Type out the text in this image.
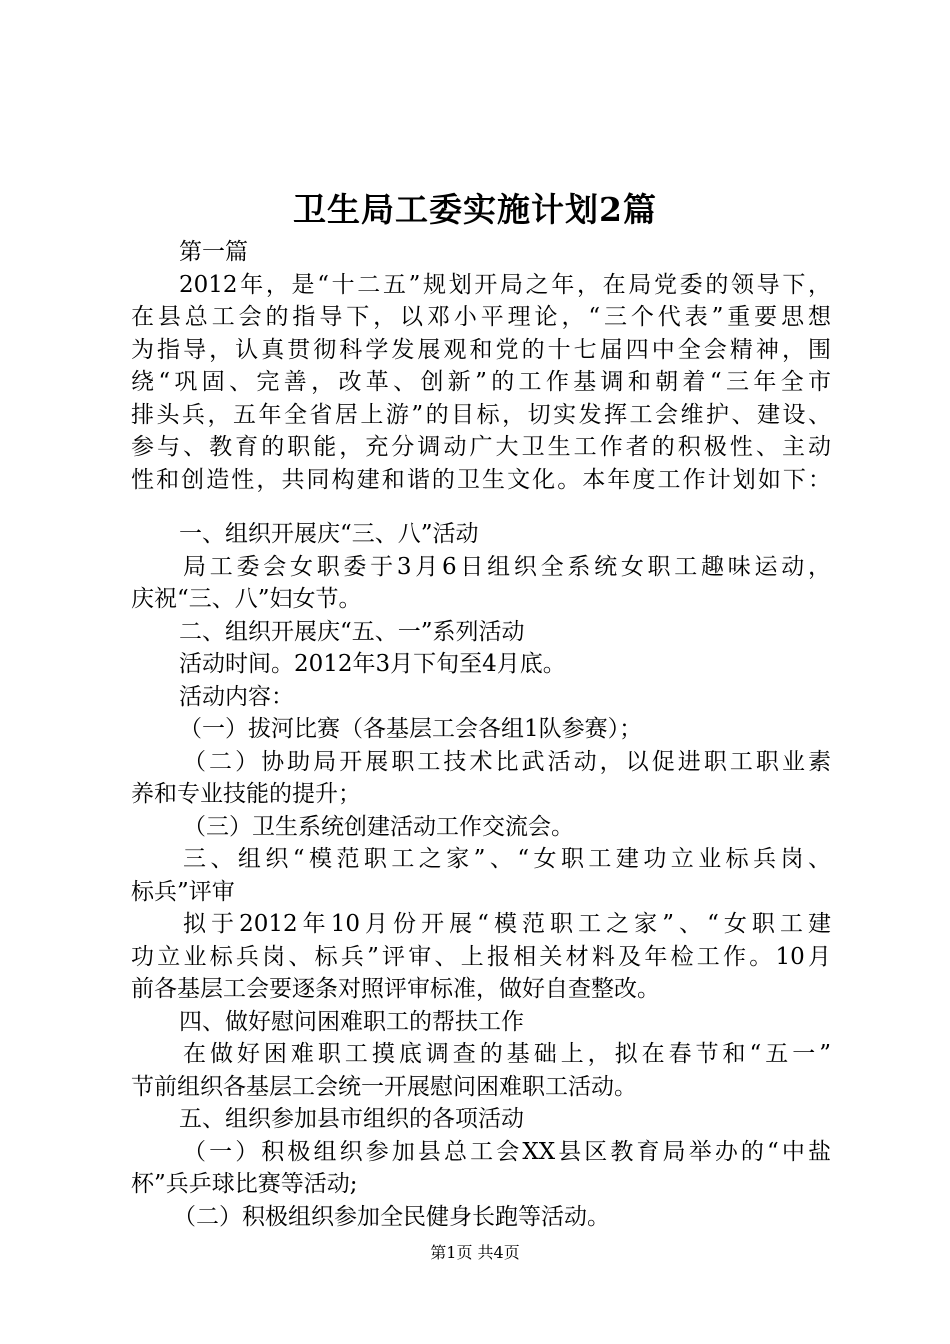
卫生局工委实施计划2篇
第一篇
2012年，是“十二五”规划开局之年，在局党委的领导下，
在县总工会的指导下，以邓小平理论，“三个代表”重要思想
为指导，认真贯彻科学发展观和党的十七届四中全会精神，围
绕“巩固、完善，改革、创新”的工作基调和朝着“三年全市
排头兵，五年全省居上游”的目标，切实发挥工会维护、建设、
参与、教育的职能，充分调动广大卫生工作者的积极性、主动
性和创造性，共同构建和谐的卫生文化。本年度工作计划如下：
一、组织开展庆“三、八”活动
局工委会女职委于3月6日组织全系统女职工趣味运动，
庆祝“三、八”妇女节。
二、组织开展庆“五、一”系列活动
活动时间。2012年3月下旬至4月底。
活动内容：
（一）拔河比赛（各基层工会各组1队参赛）；
（二）协助局开展职工技术比武活动，以促进职工职业素
养和专业技能的提升；
（三）卫生系统创建活动工作交流会。
三、组织“模范职工之家”、“女职工建功立业标兵岗、
标兵”评审
拟于2012年10月份开展“模范职工之家”、“女职工建
功立业标兵岗、标兵”评审、上报相关材料及年检工作。10月
前各基层工会要逐条对照评审标准，做好自查整改。
四、做好慰问困难职工的帮扶工作
在做好困难职工摸底调查的基础上，拟在春节和“五一”
节前组织各基层工会统一开展慰问困难职工活动。
五、组织参加县市组织的各项活动
（一）积极组织参加县总工会XX县区教育局举办的“中盐
杯”兵乒球比赛等活动;
（二）积极组织参加全民健身长跑等活动。
第1页 共4页
